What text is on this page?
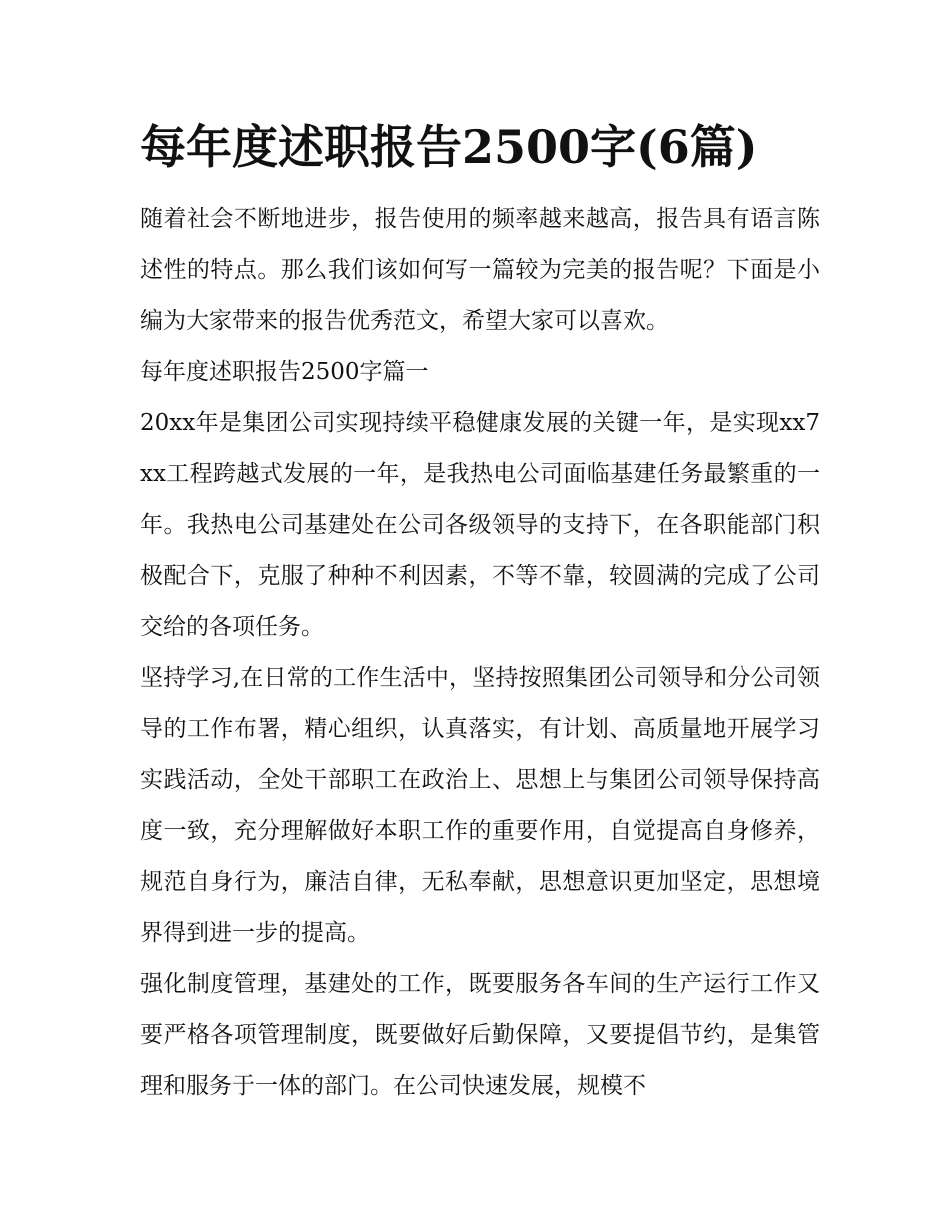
每年度述职报告2500字(6篇)

随着社会不断地进步，报告使用的频率越来越高，报告具有语言陈述性的特点。那么我们该如何写一篇较为完美的报告呢？下面是小编为大家带来的报告优秀范文，希望大家可以喜欢。

每年度述职报告2500字篇一

20xx年是集团公司实现持续平稳健康发展的关键一年，是实现xx7xx工程跨越式发展的一年，是我热电公司面临基建任务最繁重的一年。我热电公司基建处在公司各级领导的支持下，在各职能部门积极配合下，克服了种种不利因素，不等不靠，较圆满的完成了公司交给的各项任务。

坚持学习,在日常的工作生活中，坚持按照集团公司领导和分公司领导的工作布署，精心组织，认真落实，有计划、高质量地开展学习实践活动，全处干部职工在政治上、思想上与集团公司领导保持高度一致，充分理解做好本职工作的重要作用，自觉提高自身修养，规范自身行为，廉洁自律，无私奉献，思想意识更加坚定，思想境界得到进一步的提高。

强化制度管理，基建处的工作，既要服务各车间的生产运行工作又要严格各项管理制度，既要做好后勤保障，又要提倡节约，是集管理和服务于一体的部门。在公司快速发展，规模不
